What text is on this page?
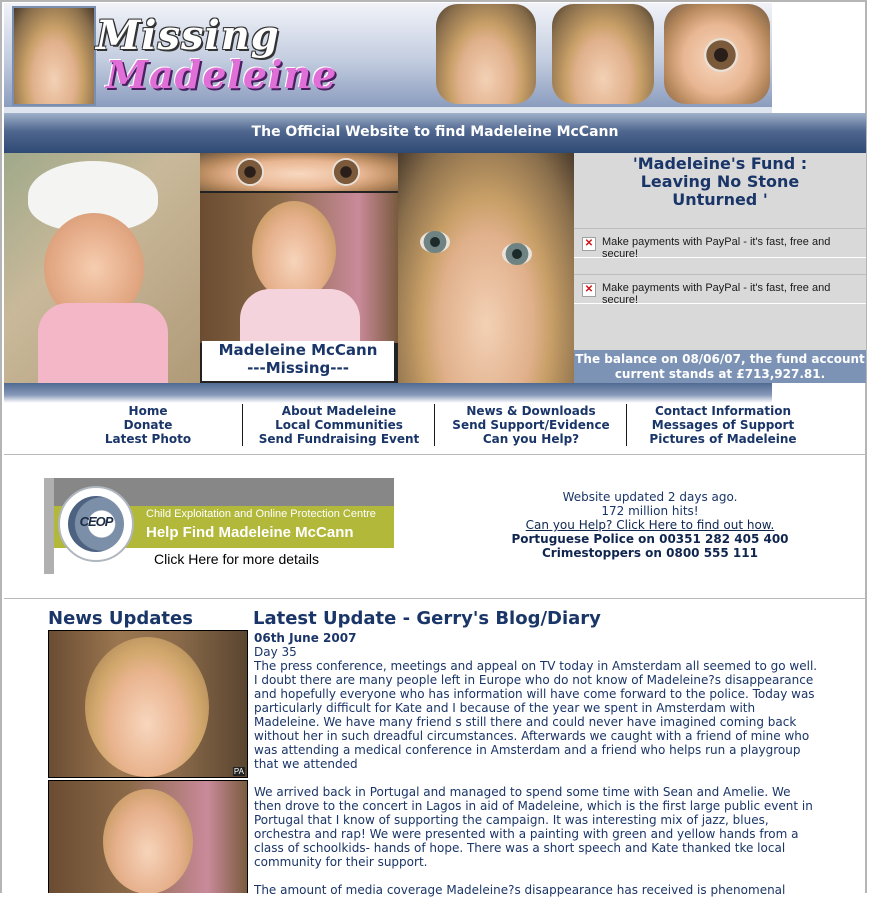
Missing
Madeleine
The Official Website to find Madeleine McCann
Madeleine McCann
---Missing---
'Madeleine's Fund : Leaving No Stone Unturned '
✕ Make payments with PayPal - it's fast, free and secure!
✕ Make payments with PayPal - it's fast, free and secure!
The balance on 08/06/07, the fund account current stands at £713,927.81.
Home
Donate
Latest Photo
About Madeleine
Local Communities
Send Fundraising Event
News & Downloads
Send Support/Evidence
Can you Help?
Contact Information
Messages of Support
Pictures of Madeleine
CEOP	Child Exploitation and Online Protection Centre
Help Find Madeleine McCann
Click Here for more details
Website updated 2 days ago.
172 million hits!
Can you Help? Click Here to find out how.
Portuguese Police on 00351 282 405 400
Crimestoppers on 0800 555 111
News Updates	Latest Update - Gerry's Blog/Diary
PA
06th June 2007
Day 35

The press conference, meetings and appeal on TV today in Amsterdam all seemed to go well. I doubt there are many people left in Europe who do not know of Madeleine?s disappearance and hopefully everyone who has information will have come forward to the police. Today was particularly difficult for Kate and I because of the year we spent in Amsterdam with Madeleine. We have many friend s still there and could never have imagined coming back without her in such dreadful circumstances. Afterwards we caught with a friend of mine who was attending a medical conference in Amsterdam and a friend who helps run a playgroup that we attended

We arrived back in Portugal and managed to spend some time with Sean and Amelie. We then drove to the concert in Lagos in aid of Madeleine, which is the first large public event in Portugal that I know of supporting the campaign. It was interesting mix of jazz, blues, orchestra and rap! We were presented with a painting with green and yellow hands from a class of schoolkids- hands of hope. There was a short speech and Kate thanked tke local community for their support.

The amount of media coverage Madeleine?s disappearance has received is phenomenal
